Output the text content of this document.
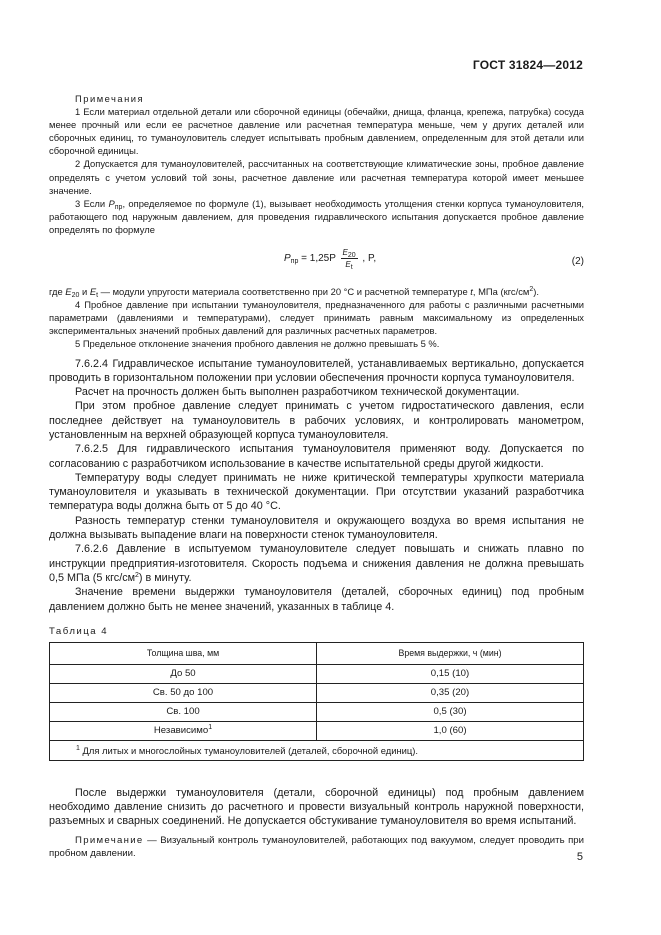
ГОСТ 31824—2012

Примечания

1 Если материал отдельной детали или сборочной единицы (обечайки, днища, фланца, крепежа, патрубка) сосуда менее прочный или если ее расчетное давление или расчетная температура меньше, чем у других деталей или сборочных единиц, то туманоуловитель следует испытывать пробным давлением, определенным для этой детали или сборочной единицы.

2 Допускается для туманоуловителей, рассчитанных на соответствующие климатические зоны, пробное давление определять с учетом условий той зоны, расчетное давление или расчетная температура которой имеет меньшее значение.

3 Если $P_{пр}$, определяемое по формуле (1), вызывает необходимость утолщения стенки корпуса туманоуловителя, работающего под наружным давлением, для проведения гидравлического испытания допускается пробное давление определять по формуле

$P_{пр} = 1,25P \frac{E_{20}}{E_t}$ , P,	(2)

где $E_{20}$ и $E_t$ — модули упругости материала соответственно при 20 °С и расчетной температуре t, МПа $(кгс/см^2)$.

4 Пробное давление при испытании туманоуловителя, предназначенного для работы с различными расчетными параметрами (давлениями и температурами), следует принимать равным максимальному из определенных экспериментальных значений пробных давлений для различных расчетных параметров.

5 Предельное отклонение значения пробного давления не должно превышать 5 %.

7.6.2.4 Гидравлическое испытание туманоуловителей, устанавливаемых вертикально, допускается проводить в горизонтальном положении при условии обеспечения прочности корпуса туманоуловителя.

Расчет на прочность должен быть выполнен разработчиком технической документации.

При этом пробное давление следует принимать с учетом гидростатического давления, если последнее действует на туманоуловитель в рабочих условиях, и контролировать манометром, установленным на верхней образующей корпуса туманоуловителя.

7.6.2.5 Для гидравлического испытания туманоуловителя применяют воду. Допускается по согласованию с разработчиком использование в качестве испытательной среды другой жидкости.

Температуру воды следует принимать не ниже критической температуры хрупкости материала туманоуловителя и указывать в технической документации. При отсутствии указаний разработчика температура воды должна быть от 5 до 40 °С.

Разность температур стенки туманоуловителя и окружающего воздуха во время испытания не должна вызывать выпадение влаги на поверхности стенок туманоуловителя.

7.6.2.6 Давление в испытуемом туманоуловителе следует повышать и снижать плавно по инструкции предприятия-изготовителя. Скорость подъема и снижения давления не должна превышать 0,5 МПа (5 кгс/$см^2$) в минуту.

Значение времени выдержки туманоуловителя (деталей, сборочных единиц) под пробным давлением должно быть не менее значений, указанных в таблице 4.

Таблица 4
Толщина шва, мм	Время выдержки, ч (мин)
До 50	0,15 (10)
Св. 50 до 100	0,35 (20)
Св. 100	0,5 (30)
Независимо$^1$	1,0 (60)
$^1$ Для литых и многослойных туманоуловителей (деталей, сборочной единиц).	

После выдержки туманоуловителя (детали, сборочной единицы) под пробным давлением необходимо давление снизить до расчетного и провести визуальный контроль наружной поверхности, разъемных и сварных соединений. Не допускается обстукивание туманоуловителя во время испытаний.

Примечание — Визуальный контроль туманоуловителей, работающих под вакуумом, следует проводить при пробном давлении.	5
